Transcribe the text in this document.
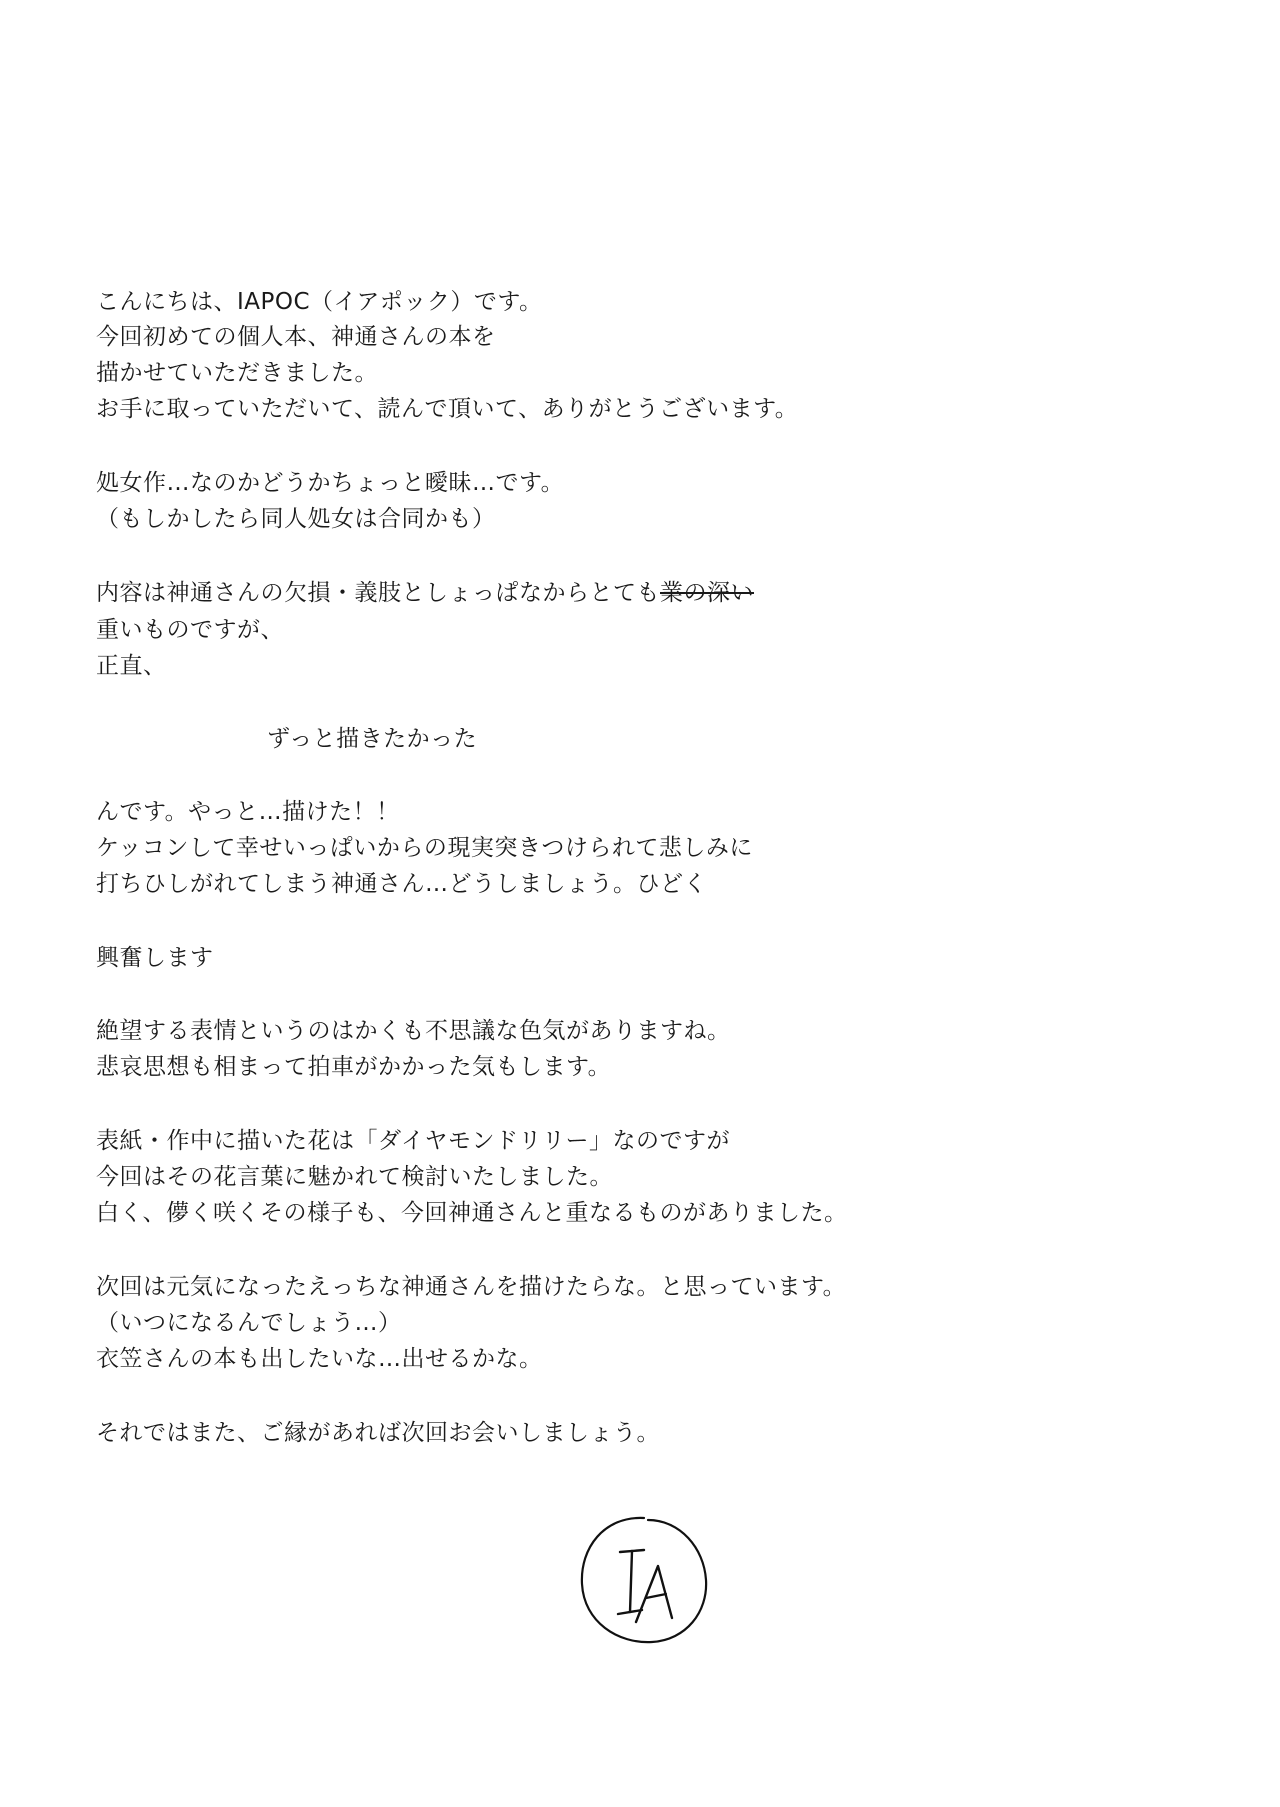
こんにちは、IAPOC（イアポック）です。
今回初めての個人本、神通さんの本を
描かせていただきました。
お手に取っていただいて、読んで頂いて、ありがとうございます。
処女作…なのかどうかちょっと曖昧…です。
（もしかしたら同人処女は合同かも）
内容は神通さんの欠損・義肢としょっぱなからとても業の深い
重いものですが、
正直、
ずっと描きたかった
んです。やっと…描けた！！
ケッコンして幸せいっぱいからの現実突きつけられて悲しみに
打ちひしがれてしまう神通さん…どうしましょう。ひどく
興奮します
絶望する表情というのはかくも不思議な色気がありますね。
悲哀思想も相まって拍車がかかった気もします。
表紙・作中に描いた花は「ダイヤモンドリリー」なのですが
今回はその花言葉に魅かれて検討いたしました。
白く、儚く咲くその様子も、今回神通さんと重なるものがありました。
次回は元気になったえっちな神通さんを描けたらな。と思っています。
（いつになるんでしょう…）
衣笠さんの本も出したいな…出せるかな。
それではまた、ご縁があれば次回お会いしましょう。
